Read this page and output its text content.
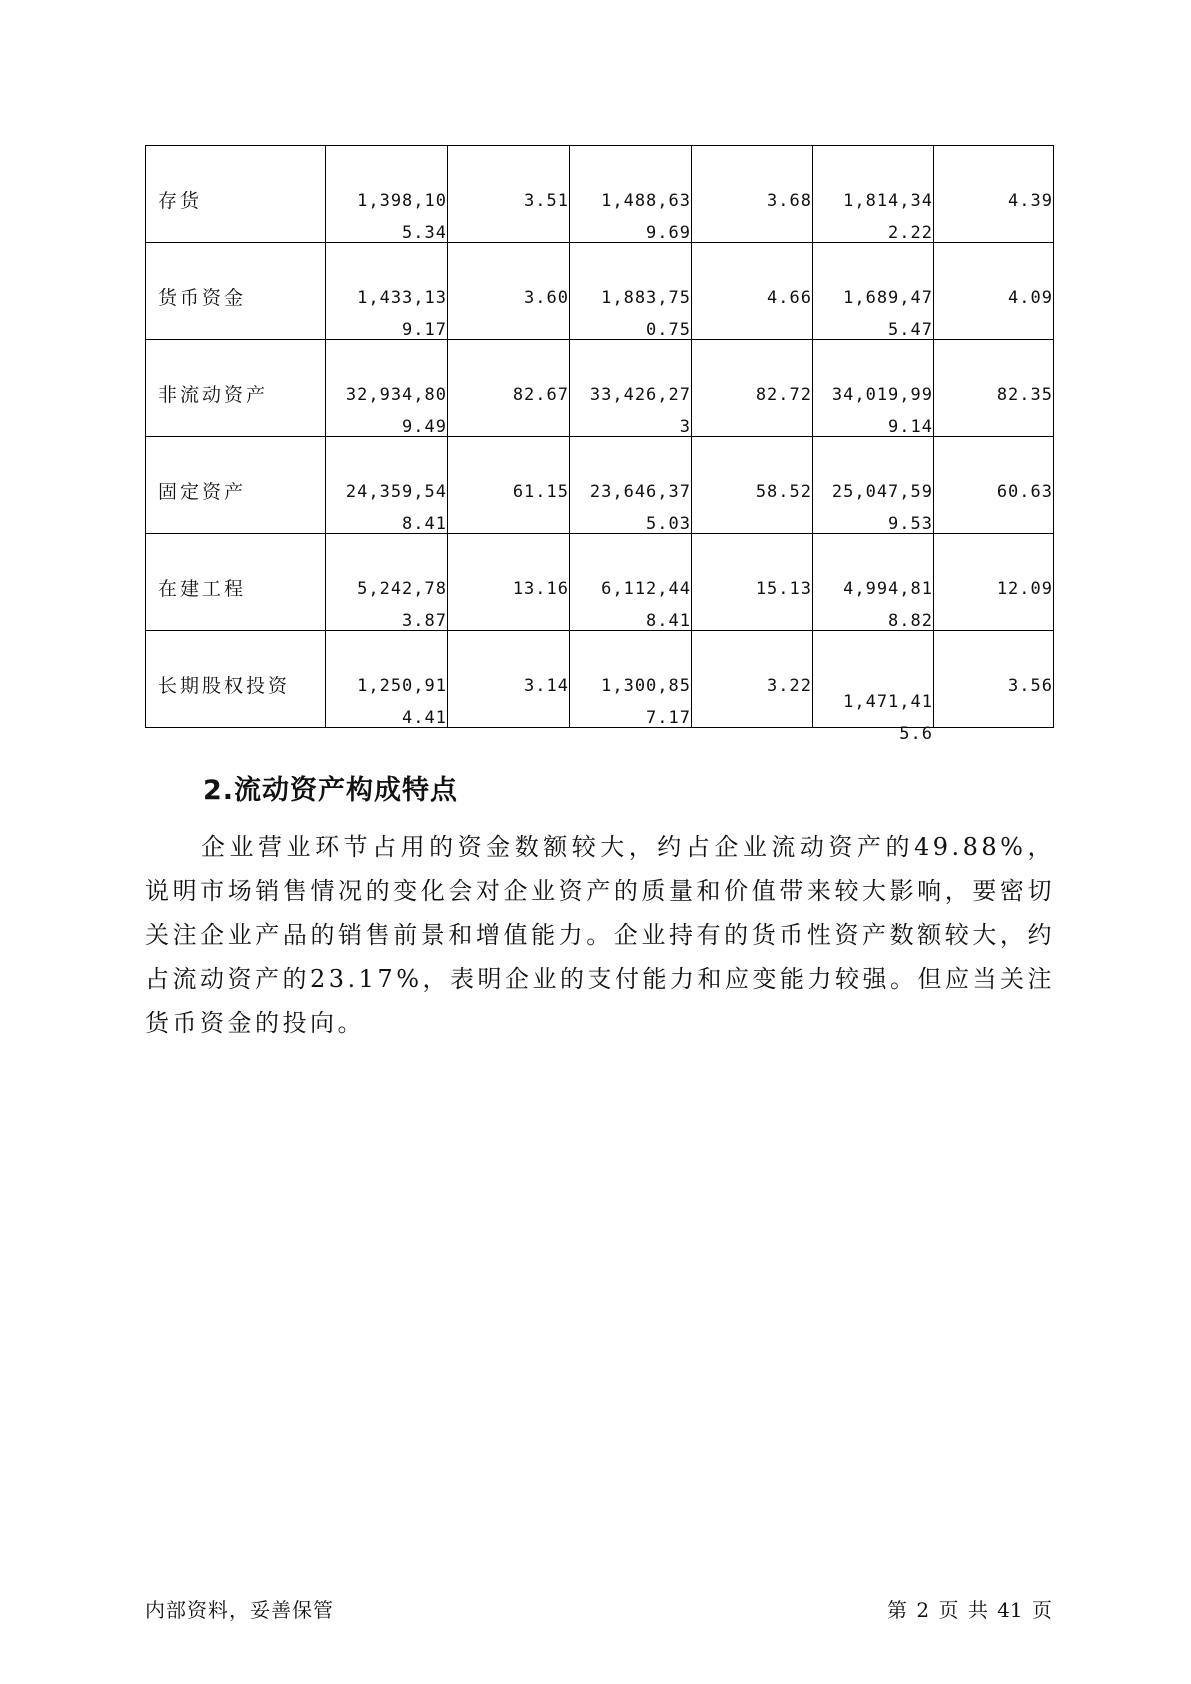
存货	1,398,105.34	3.51	1,488,639.69	3.68	1,814,342.22	4.39

货币资金	1,433,139.17	3.60	1,883,750.75	4.66	1,689,475.47	4.09

非流动资产	32,934,809.49	82.67	33,426,273	82.72	34,019,999.14	82.35

固定资产	24,359,548.41	61.15	23,646,375.03	58.52	25,047,599.53	60.63

在建工程	5,242,783.87	13.16	6,112,448.41	15.13	4,994,818.82	12.09

长期股权投资	1,250,914.41	3.14	1,300,857.17	3.22	1,471,415.6	3.56
2.流动资产构成特点

企业营业环节占用的资金数额较大，约占企业流动资产的49.88%，说明市场销售情况的变化会对企业资产的质量和价值带来较大影响，要密切关注企业产品的销售前景和增值能力。企业持有的货币性资产数额较大，约占流动资产的23.17%，表明企业的支付能力和应变能力较强。但应当关注货币资金的投向。

内部资料，妥善保管	第 2 页 共 41 页
